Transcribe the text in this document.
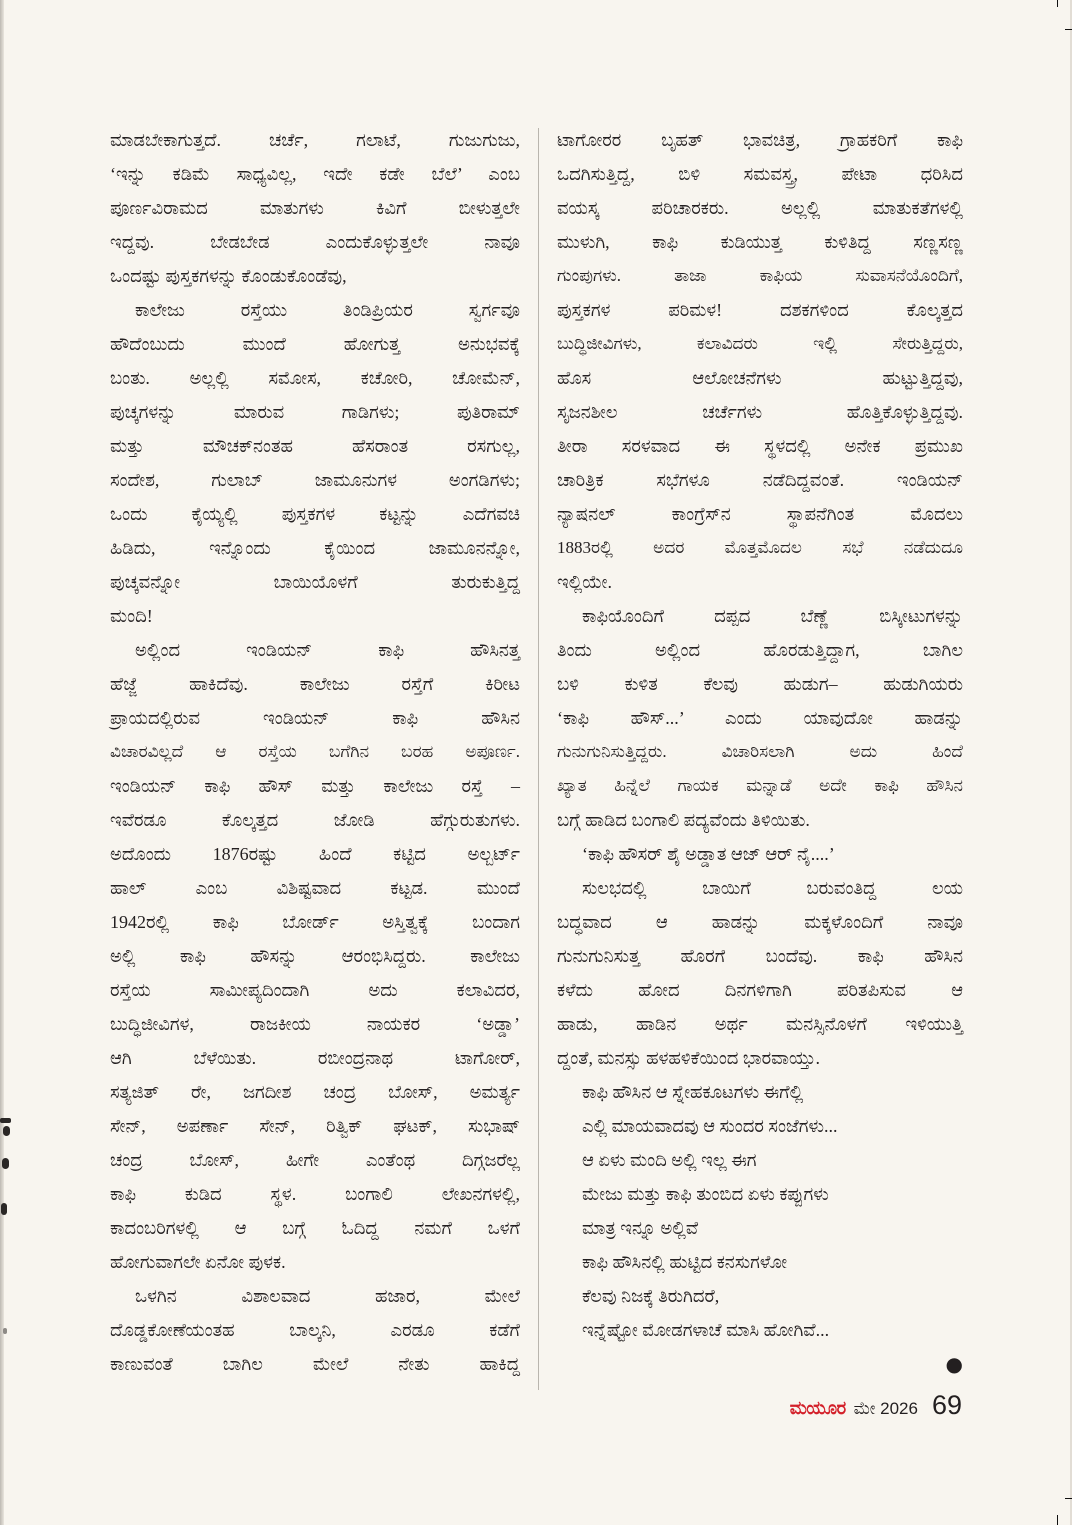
ಮಾಡಬೇಕಾಗುತ್ತದೆ. ಚರ್ಚೆ, ಗಲಾಟೆ, ಗುಜುಗುಜು,
‘ಇನ್ನು ಕಡಿಮೆ ಸಾಧ್ಯವಿಲ್ಲ, ಇದೇ ಕಡೇ ಬೆಲೆ’ ಎಂಬ
ಪೂರ್ಣವಿರಾಮದ ಮಾತುಗಳು ಕಿವಿಗೆ ಬೀಳುತ್ತಲೇ
ಇದ್ದವು. ಬೇಡಬೇಡ ಎಂದುಕೊಳ್ಳುತ್ತಲೇ ನಾವೂ
ಒಂದಷ್ಟು ಪುಸ್ತಕಗಳನ್ನು ಕೊಂಡುಕೊಂಡೆವು,
ಕಾಲೇಜು ರಸ್ತೆಯು ತಿಂಡಿಪ್ರಿಯರ ಸ್ವರ್ಗವೂ
ಹೌದೆಂಬುದು ಮುಂದೆ ಹೋಗುತ್ತ ಅನುಭವಕ್ಕೆ
ಬಂತು. ಅಲ್ಲಲ್ಲಿ ಸಮೋಸ, ಕಚೋರಿ, ಚೋಮೆನ್,
ಪುಚ್ಕಗಳನ್ನು ಮಾರುವ ಗಾಡಿಗಳು; ಪುತಿರಾಮ್
ಮತ್ತು ಮೌಚಕ್‌ನಂತಹ ಹೆಸರಾಂತ ರಸಗುಲ್ಲ,
ಸಂದೇಶ, ಗುಲಾಬ್ ಜಾಮೂನುಗಳ ಅಂಗಡಿಗಳು;
ಒಂದು ಕೈಯ್ಯಲ್ಲಿ ಪುಸ್ತಕಗಳ ಕಟ್ಟನ್ನು ಎದೆಗವಚಿ
ಹಿಡಿದು, ಇನ್ನೊಂದು ಕೈಯಿಂದ ಜಾಮೂನನ್ನೋ,
ಪುಚ್ಕವನ್ನೋ ಬಾಯಿಯೊಳಗೆ ತುರುಕುತ್ತಿದ್ದ
ಮಂದಿ!
ಅಲ್ಲಿಂದ ಇಂಡಿಯನ್ ಕಾಫಿ ಹೌಸಿನತ್ತ
ಹೆಜ್ಜೆ ಹಾಕಿದೆವು. ಕಾಲೇಜು ರಸ್ತೆಗೆ ಕಿರೀಟ
ಪ್ರಾಯದಲ್ಲಿರುವ ಇಂಡಿಯನ್ ಕಾಫಿ ಹೌಸಿನ
ವಿಚಾರವಿಲ್ಲದೆ ಆ ರಸ್ತೆಯ ಬಗೆಗಿನ ಬರಹ ಅಪೂರ್ಣ.
ಇಂಡಿಯನ್ ಕಾಫಿ ಹೌಸ್ ಮತ್ತು ಕಾಲೇಜು ರಸ್ತೆ –
ಇವೆರಡೂ ಕೊಲ್ಕತ್ತದ ಜೋಡಿ ಹೆಗ್ಗುರುತುಗಳು.
ಅದೊಂದು 1876ರಷ್ಟು ಹಿಂದೆ ಕಟ್ಟಿದ ಅಲ್ಬರ್ಟ್
ಹಾಲ್ ಎಂಬ ವಿಶಿಷ್ಟವಾದ ಕಟ್ಟಡ. ಮುಂದೆ
1942ರಲ್ಲಿ ಕಾಫಿ ಬೋರ್ಡ್ ಅಸ್ತಿತ್ವಕ್ಕೆ ಬಂದಾಗ
ಅಲ್ಲಿ ಕಾಫಿ ಹೌಸನ್ನು ಆರಂಭಿಸಿದ್ದರು. ಕಾಲೇಜು
ರಸ್ತೆಯ ಸಾಮೀಪ್ಯದಿಂದಾಗಿ ಅದು ಕಲಾವಿದರ,
ಬುದ್ಧಿಜೀವಿಗಳ, ರಾಜಕೀಯ ನಾಯಕರ ‘ಅಡ್ಡಾ’
ಆಗಿ ಬೆಳೆಯಿತು. ರಬೀಂದ್ರನಾಥ ಟಾಗೋರ್,
ಸತ್ಯಜಿತ್ ರೇ, ಜಗದೀಶ ಚಂದ್ರ ಬೋಸ್, ಅಮರ್ತ್ಯ
ಸೇನ್, ಅಪರ್ಣಾ ಸೇನ್, ರಿತ್ವಿಕ್ ಘಟಕ್, ಸುಭಾಷ್
ಚಂದ್ರ ಬೋಸ್, ಹೀಗೇ ಎಂತೆಂಥ ದಿಗ್ಗಜರೆಲ್ಲ
ಕಾಫಿ ಕುಡಿದ ಸ್ಥಳ. ಬಂಗಾಲಿ ಲೇಖನಗಳಲ್ಲಿ,
ಕಾದಂಬರಿಗಳಲ್ಲಿ ಆ ಬಗ್ಗೆ ಓದಿದ್ದ ನಮಗೆ ಒಳಗೆ
ಹೋಗುವಾಗಲೇ ಏನೋ ಪುಳಕ.
ಒಳಗಿನ ವಿಶಾಲವಾದ ಹಜಾರ, ಮೇಲೆ
ದೊಡ್ಡಕೋಣೆಯಂತಹ ಬಾಲ್ಕನಿ, ಎರಡೂ ಕಡೆಗೆ
ಕಾಣುವಂತೆ ಬಾಗಿಲ ಮೇಲೆ ನೇತು ಹಾಕಿದ್ದ
ಟಾಗೋರರ ಬೃಹತ್ ಭಾವಚಿತ್ರ, ಗ್ರಾಹಕರಿಗೆ ಕಾಫಿ
ಒದಗಿಸುತ್ತಿದ್ದ, ಬಿಳಿ ಸಮವಸ್ತ್ರ, ಪೇಟಾ ಧರಿಸಿದ
ವಯಸ್ಕ ಪರಿಚಾರಕರು. ಅಲ್ಲಲ್ಲಿ ಮಾತುಕತೆಗಳಲ್ಲಿ
ಮುಳುಗಿ, ಕಾಫಿ ಕುಡಿಯುತ್ತ ಕುಳಿತಿದ್ದ ಸಣ್ಣಸಣ್ಣ
ಗುಂಪುಗಳು. ತಾಜಾ ಕಾಫಿಯ ಸುವಾಸನೆಯೊಂದಿಗೆ,
ಪುಸ್ತಕಗಳ ಪರಿಮಳ! ದಶಕಗಳಿಂದ ಕೊಲ್ಕತ್ತದ
ಬುದ್ಧಿಜೀವಿಗಳು, ಕಲಾವಿದರು ಇಲ್ಲಿ ಸೇರುತ್ತಿದ್ದರು,
ಹೊಸ ಆಲೋಚನೆಗಳು ಹುಟ್ಟುತ್ತಿದ್ದವು,
ಸೃಜನಶೀಲ ಚರ್ಚೆಗಳು ಹೊತ್ತಿಕೊಳ್ಳುತ್ತಿದ್ದವು.
ತೀರಾ ಸರಳವಾದ ಈ ಸ್ಥಳದಲ್ಲಿ ಅನೇಕ ಪ್ರಮುಖ
ಚಾರಿತ್ರಿಕ ಸಭೆಗಳೂ ನಡೆದಿದ್ದವಂತೆ. ಇಂಡಿಯನ್
ನ್ಯಾಷನಲ್ ಕಾಂಗ್ರೆಸ್‌ನ ಸ್ಥಾಪನೆಗಿಂತ ಮೊದಲು
1883ರಲ್ಲಿ ಅದರ ಮೊತ್ತಮೊದಲ ಸಭೆ ನಡೆದುದೂ
ಇಲ್ಲಿಯೇ.
ಕಾಫಿಯೊಂದಿಗೆ ದಪ್ಪದ ಬೆಣ್ಣೆ ಬಿಸ್ಕೀಟುಗಳನ್ನು
ತಿಂದು ಅಲ್ಲಿಂದ ಹೊರಡುತ್ತಿದ್ದಾಗ, ಬಾಗಿಲ
ಬಳಿ ಕುಳಿತ ಕೆಲವು ಹುಡುಗ– ಹುಡುಗಿಯರು
‘ಕಾಫಿ ಹೌಸ್...’ ಎಂದು ಯಾವುದೋ ಹಾಡನ್ನು
ಗುನುಗುನಿಸುತ್ತಿದ್ದರು. ವಿಚಾರಿಸಲಾಗಿ ಅದು ಹಿಂದೆ
ಖ್ಯಾತ ಹಿನ್ನೆಲೆ ಗಾಯಕ ಮನ್ನಾಡೆ ಅದೇ ಕಾಫಿ ಹೌಸಿನ
ಬಗ್ಗೆ ಹಾಡಿದ ಬಂಗಾಲಿ ಪದ್ಯವೆಂದು ತಿಳಿಯಿತು.
‘ಕಾಫಿ ಹೌಸರ್ ಶೈ ಅಡ್ಡಾತ ಆಜ್ ಆರ್ ನೈ....’
ಸುಲಭದಲ್ಲಿ ಬಾಯಿಗೆ ಬರುವಂತಿದ್ದ ಲಯ
ಬದ್ಧವಾದ ಆ ಹಾಡನ್ನು ಮಕ್ಕಳೊಂದಿಗೆ ನಾವೂ
ಗುನುಗುನಿಸುತ್ತ ಹೊರಗೆ ಬಂದೆವು. ಕಾಫಿ ಹೌಸಿನ
ಕಳೆದು ಹೋದ ದಿನಗಳಿಗಾಗಿ ಪರಿತಪಿಸುವ ಆ
ಹಾಡು, ಹಾಡಿನ ಅರ್ಥ ಮನಸ್ಸಿನೊಳಗೆ ಇಳಿಯುತ್ತಿ
ದ್ದಂತೆ, ಮನಸ್ಸು ಹಳಹಳಿಕೆಯಿಂದ ಭಾರವಾಯ್ತು.
ಕಾಫಿ ಹೌಸಿನ ಆ ಸ್ನೇಹಕೂಟಗಳು ಈಗೆಲ್ಲಿ
ಎಲ್ಲಿ ಮಾಯವಾದವು ಆ ಸುಂದರ ಸಂಜೆಗಳು...
ಆ ಏಳು ಮಂದಿ ಅಲ್ಲಿ ಇಲ್ಲ ಈಗ
ಮೇಜು ಮತ್ತು ಕಾಫಿ ತುಂಬಿದ ಏಳು ಕಪ್ಪುಗಳು
ಮಾತ್ರ ಇನ್ನೂ ಅಲ್ಲಿವೆ
ಕಾಫಿ ಹೌಸಿನಲ್ಲಿ ಹುಟ್ಟಿದ ಕನಸುಗಳೋ
ಕೆಲವು ನಿಜಕ್ಕೆ ತಿರುಗಿದರೆ,
ಇನ್ನೆಷ್ಟೋ ಮೋಡಗಳಾಚೆ ಮಾಸಿ ಹೋಗಿವೆ...
●
ಮಯೂರ ಮೇ 2026 69
